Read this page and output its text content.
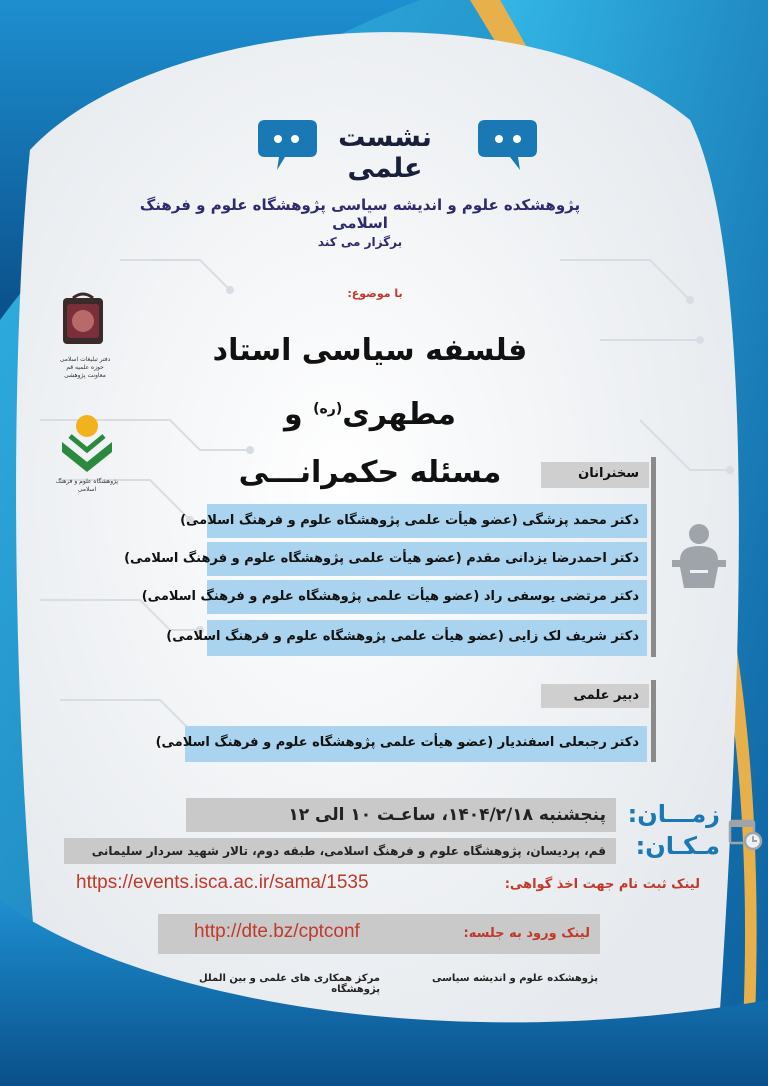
نشست علمی
پژوهشکده علوم و اندیشه سیاسی پژوهشگاه علوم و فرهنگ اسلامی
برگزار می کند
دفتر تبلیغات اسلامی حوزه علمیه قم
معاونت پژوهشی
پژوهشگاه علوم و فرهنگ اسلامی
با موضوع:
فلسفه سیاسی استاد مطهری$^{(ره)}$ و
مسئله حکمرانـــی	سخنرانان
دکتر محمد پزشگی (عضو هیأت علمی پژوهشگاه علوم و فرهنگ اسلامی)
دکتر احمدرضا یزدانی مقدم (عضو هیأت علمی پژوهشگاه علوم و فرهنگ اسلامی)
دکتر مرتضی یوسفی راد (عضو هیأت علمی پژوهشگاه علوم و فرهنگ اسلامی)
دکتر شریف لک زایی (عضو هیأت علمی پژوهشگاه علوم و فرهنگ اسلامی)
دبیر علمی
دکتر رجبعلی اسفندیار (عضو هیأت علمی پژوهشگاه علوم و فرهنگ اسلامی)
پنجشنبه ۱۴۰۴/۲/۱۸، ساعـت ۱۰ الی ۱۲ زمـــان:
قم، پردیسان، پژوهشگاه علوم و فرهنگ اسلامی، طبقه دوم، تالار شهید سردار سلیمانی	مـکـان:
لینک ثبت نام جهت اخذ گواهی:
https://events.isca.ac.ir/sama/1535
لینک ورود به جلسه:
http://dte.bz/cptconf
پژوهشکده علوم و اندیشه سیاسی
مرکز همکاری های علمی و بین الملل پژوهشگاه
